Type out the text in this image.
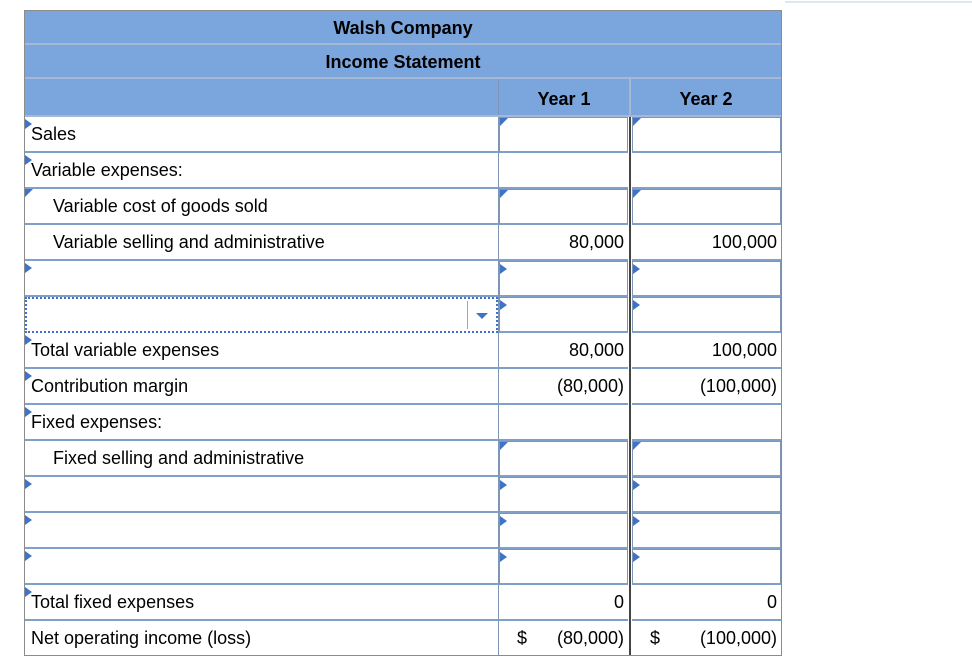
Walsh Company
Income Statement
Year 1	Year 2
Sales
Variable expenses:
Variable cost of goods sold
Variable selling and administrative	80,000	100,000
Total variable expenses	80,000	100,000
Contribution margin	(80,000)	(100,000)
Fixed expenses:
Fixed selling and administrative
Total fixed expenses	0	0
Net operating income (loss)	$ (80,000) $ (100,000)
